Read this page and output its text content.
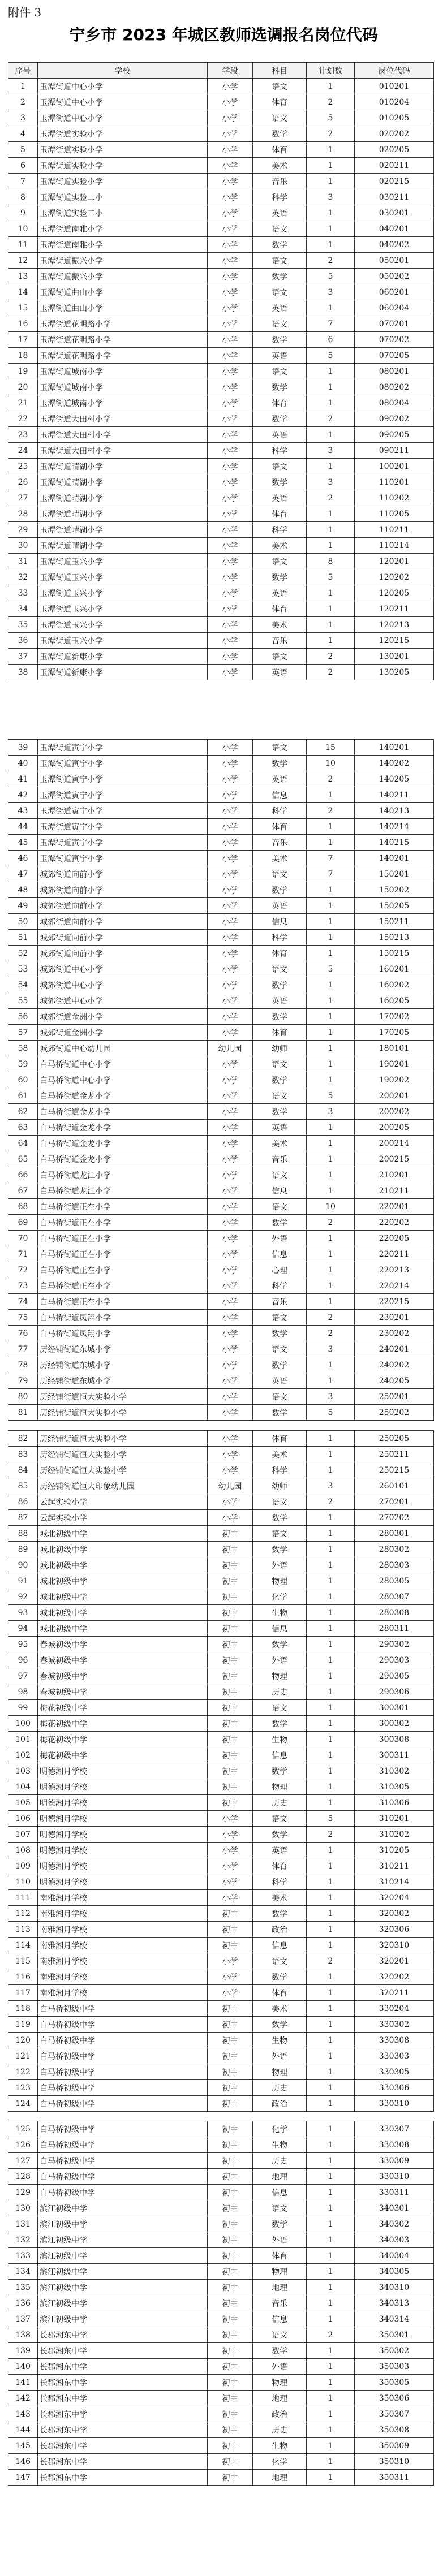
附件 3
宁乡市 2023 年城区教师选调报名岗位代码
序号	学校	学段	科目	计划数	岗位代码
1	玉潭街道中心小学	小学	语文	1	010201
2	玉潭街道中心小学	小学	体育	2	010204
3	玉潭街道中心小学	小学	语文	5	010205
4	玉潭街道实验小学	小学	数学	2	020202
5	玉潭街道实验小学	小学	体育	1	020205
6	玉潭街道实验小学	小学	美术	1	020211
7	玉潭街道实验小学	小学	音乐	1	020215
8	玉潭街道实验二小	小学	科学	3	030211
9	玉潭街道实验二小	小学	英语	1	030201
10	玉潭街道南雅小学	小学	语文	1	040201
11	玉潭街道南雅小学	小学	数学	1	040202
12	玉潭街道振兴小学	小学	语文	2	050201
13	玉潭街道振兴小学	小学	数学	5	050202
14	玉潭街道曲山小学	小学	语文	3	060201
15	玉潭街道曲山小学	小学	英语	1	060204
16	玉潭街道花明路小学	小学	语文	7	070201
17	玉潭街道花明路小学	小学	数学	6	070202
18	玉潭街道花明路小学	小学	英语	5	070205
19	玉潭街道城南小学	小学	语文	1	080201
20	玉潭街道城南小学	小学	数学	1	080202
21	玉潭街道城南小学	小学	体育	1	080204
22	玉潭街道大田村小学	小学	数学	2	090202
23	玉潭街道大田村小学	小学	英语	1	090205
24	玉潭街道大田村小学	小学	科学	3	090211
25	玉潭街道晴湖小学	小学	语文	1	100201
26	玉潭街道晴湖小学	小学	数学	3	110201
27	玉潭街道晴湖小学	小学	英语	2	110202
28	玉潭街道晴湖小学	小学	体育	1	110205
29	玉潭街道晴湖小学	小学	科学	1	110211
30	玉潭街道晴湖小学	小学	美术	1	110214
31	玉潭街道玉兴小学	小学	语文	8	120201
32	玉潭街道玉兴小学	小学	数学	5	120202
33	玉潭街道玉兴小学	小学	英语	1	120205
34	玉潭街道玉兴小学	小学	体育	1	120211
35	玉潭街道玉兴小学	小学	美术	1	120213
36	玉潭街道玉兴小学	小学	音乐	1	120215
37	玉潭街道新康小学	小学	语文	2	130201
38	玉潭街道新康小学	小学	英语	2	130205
39	玉潭街道寅宁小学	小学	语文	15	140201
40	玉潭街道寅宁小学	小学	数学	10	140202
41	玉潭街道寅宁小学	小学	英语	2	140205
42	玉潭街道寅宁小学	小学	信息	1	140211
43	玉潭街道寅宁小学	小学	科学	2	140213
44	玉潭街道寅宁小学	小学	体育	1	140214
45	玉潭街道寅宁小学	小学	音乐	1	140215
46	玉潭街道寅宁小学	小学	美术	7	140201
47	城郊街道向前小学	小学	语文	7	150201
48	城郊街道向前小学	小学	数学	1	150202
49	城郊街道向前小学	小学	英语	1	150205
50	城郊街道向前小学	小学	信息	1	150211
51	城郊街道向前小学	小学	科学	1	150213
52	城郊街道向前小学	小学	体育	1	150215
53	城郊街道中心小学	小学	语文	5	160201
54	城郊街道中心小学	小学	数学	1	160202
55	城郊街道中心小学	小学	英语	1	160205
56	城郊街道金洲小学	小学	数学	1	170202
57	城郊街道金洲小学	小学	体育	1	170205
58	城郊街道中心幼儿园	幼儿园	幼师	1	180101
59	白马桥街道中心小学	小学	语文	1	190201
60	白马桥街道中心小学	小学	数学	1	190202
61	白马桥街道金龙小学	小学	语文	5	200201
62	白马桥街道金龙小学	小学	数学	3	200202
63	白马桥街道金龙小学	小学	英语	1	200205
64	白马桥街道金龙小学	小学	美术	1	200214
65	白马桥街道金龙小学	小学	音乐	1	200215
66	白马桥街道龙江小学	小学	语文	1	210201
67	白马桥街道龙江小学	小学	信息	1	210211
68	白马桥街道正在小学	小学	语文	10	220201
69	白马桥街道正在小学	小学	数学	2	220202
70	白马桥街道正在小学	小学	外语	1	220205
71	白马桥街道正在小学	小学	信息	1	220211
72	白马桥街道正在小学	小学	心理	1	220213
73	白马桥街道正在小学	小学	科学	1	220214
74	白马桥街道正在小学	小学	音乐	1	220215
75	白马桥街道凤翔小学	小学	语文	2	230201
76	白马桥街道凤翔小学	小学	数学	2	230202
77	历经铺街道东城小学	小学	语文	3	240201
78	历经铺街道东城小学	小学	数学	1	240202
79	历经铺街道东城小学	小学	英语	1	240205
80	历经铺街道恒大实验小学	小学	语文	3	250201
81	历经铺街道恒大实验小学	小学	数学	5	250202
82	历经铺街道恒大实验小学	小学	体育	1	250205
83	历经铺街道恒大实验小学	小学	美术	1	250211
84	历经铺街道恒大实验小学	小学	科学	1	250215
85	历经铺街道恒大印象幼儿园	幼儿园	幼师	3	260101
86	云起实验小学	小学	语文	2	270201
87	云起实验小学	小学	数学	1	270202
88	城北初级中学	初中	语文	1	280301
89	城北初级中学	初中	数学	1	280302
90	城北初级中学	初中	外语	1	280303
91	城北初级中学	初中	物理	1	280305
92	城北初级中学	初中	化学	1	280307
93	城北初级中学	初中	生物	1	280308
94	城北初级中学	初中	信息	1	280311
95	春城初级中学	初中	数学	1	290302
96	春城初级中学	初中	外语	1	290303
97	春城初级中学	初中	物理	1	290305
98	春城初级中学	初中	历史	1	290306
99	梅花初级中学	初中	语文	1	300301
100	梅花初级中学	初中	数学	1	300302
101	梅花初级中学	初中	生物	1	300308
102	梅花初级中学	初中	信息	1	300311
103	明德湘月学校	初中	数学	1	310302
104	明德湘月学校	初中	物理	1	310305
105	明德湘月学校	初中	历史	1	310306
106	明德湘月学校	小学	语文	5	310201
107	明德湘月学校	小学	数学	2	310202
108	明德湘月学校	小学	英语	1	310205
109	明德湘月学校	小学	体育	1	310211
110	明德湘月学校	小学	科学	1	310214
111	南雅湘月学校	小学	美术	1	320204
112	南雅湘月学校	初中	数学	1	320302
113	南雅湘月学校	初中	政治	1	320306
114	南雅湘月学校	初中	信息	1	320310
115	南雅湘月学校	小学	语文	2	320201
116	南雅湘月学校	小学	数学	1	320202
117	南雅湘月学校	小学	体育	1	320211
118	白马桥初级中学	初中	美术	1	330204
119	白马桥初级中学	初中	数学	1	330302
120	白马桥初级中学	初中	生物	1	330308
121	白马桥初级中学	初中	外语	1	330303
122	白马桥初级中学	初中	物理	1	330305
123	白马桥初级中学	初中	历史	1	330306
124	白马桥初级中学	初中	政治	1	330310
125	白马桥初级中学	初中	化学	1	330307
126	白马桥初级中学	初中	生物	1	330308
127	白马桥初级中学	初中	历史	1	330309
128	白马桥初级中学	初中	地理	1	330310
129	白马桥初级中学	初中	信息	1	330311
130	滨江初级中学	初中	语文	1	340301
131	滨江初级中学	初中	数学	1	340302
132	滨江初级中学	初中	外语	1	340303
133	滨江初级中学	初中	体育	1	340304
134	滨江初级中学	初中	物理	1	340305
135	滨江初级中学	初中	地理	1	340310
136	滨江初级中学	初中	音乐	1	340313
137	滨江初级中学	初中	信息	1	340314
138	长郡湘东中学	初中	语文	2	350301
139	长郡湘东中学	初中	数学	1	350302
140	长郡湘东中学	初中	外语	1	350303
141	长郡湘东中学	初中	物理	1	350305
142	长郡湘东中学	初中	地理	1	350306
143	长郡湘东中学	初中	政治	1	350307
144	长郡湘东中学	初中	历史	1	350308
145	长郡湘东中学	初中	生物	1	350309
146	长郡湘东中学	初中	化学	1	350310
147	长郡湘东中学	初中	地理	1	350311
